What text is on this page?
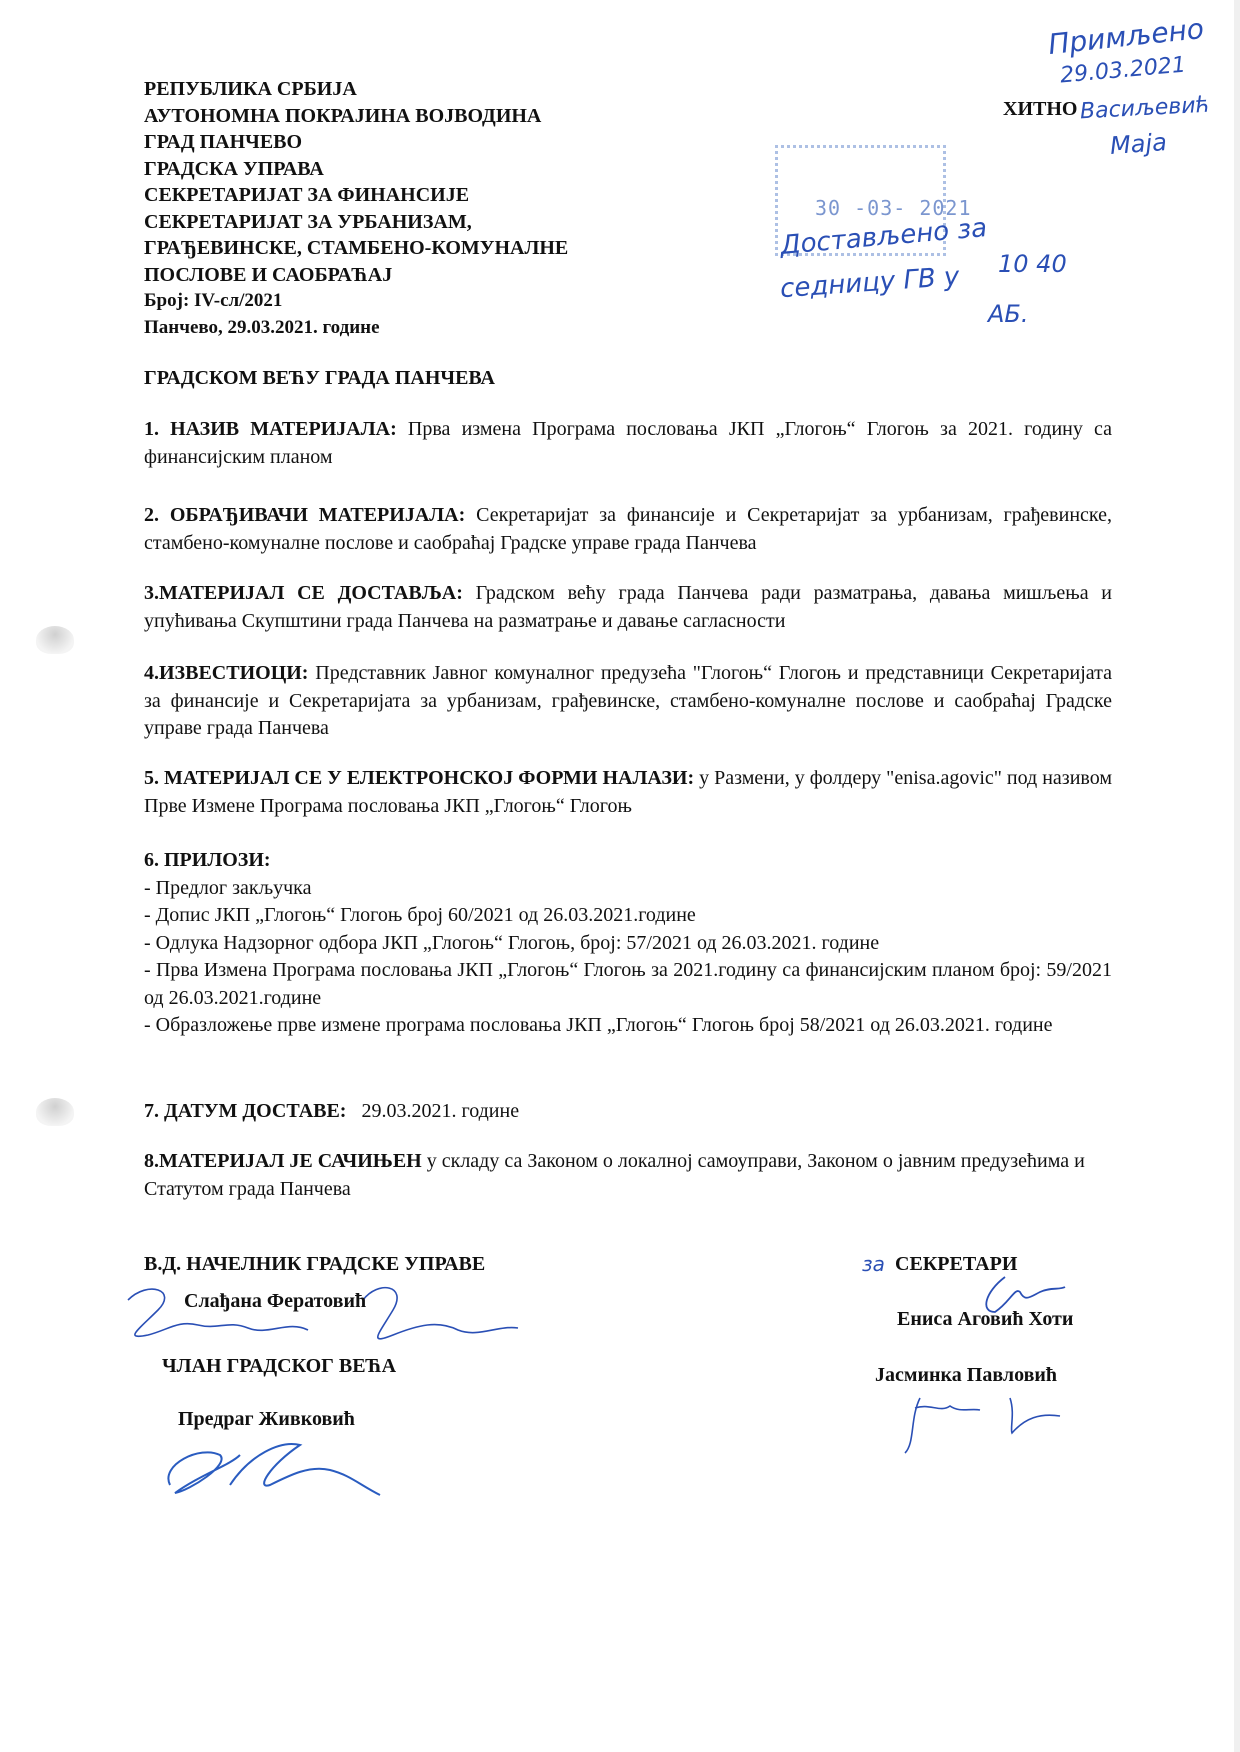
РЕПУБЛИКА СРБИЈА
АУТОНОМНА ПОКРАЈИНА ВОЈВОДИНА
ГРАД ПАНЧЕВО
ГРАДСКА УПРАВА
СЕКРЕТАРИЈАТ ЗА ФИНАНСИЈЕ
СЕКРЕТАРИЈАТ ЗА УРБАНИЗАМ,
ГРАЂЕВИНСКЕ, СТАМБЕНО-КОМУНАЛНЕ
ПОСЛОВЕ И САОБРАЋАЈ
Број: IV-сл/2021
Панчево, 29.03.2021. године
ХИТНО
Примљено
29.03.2021
Васиљевић
Маја
30 -03- 2021
Достављено за
седницу ГВ у 10 40
АБ.
ГРАДСКОМ ВЕЋУ ГРАДА ПАНЧЕВА
1. НАЗИВ МАТЕРИЈАЛА: Прва измена Програма пословања ЈКП „Глогоњ“ Глогоњ за 2021. годину са финансијским планом
2. ОБРАЂИВАЧИ МАТЕРИЈАЛА: Секретаријат за финансије и Секретаријат за урбанизам, грађевинске, стамбено-комуналне послове и саобраћај Градске управе града Панчева
3.МАТЕРИЈАЛ СЕ ДОСТАВЉА: Градском већу града Панчева ради разматрања, давања мишљења и упућивања Скупштини града Панчева на разматрање и давање сагласности
4.ИЗВЕСТИОЦИ: Представник Јавног комуналног предузећа "Глогоњ“ Глогоњ и представници Секретаријата за финансије и Секретаријата за урбанизам, грађевинске, стамбено-комуналне послове и саобраћај Градске управе града Панчева
5. МАТЕРИЈАЛ СЕ У ЕЛЕКТРОНСКОЈ ФОРМИ НАЛАЗИ: у Размени, у фолдеру "enisa.agovic" под називом Прве Измене Програма пословања ЈКП „Глогоњ“ Глогоњ
6. ПРИЛОЗИ:
- Предлог закључка
- Допис ЈКП „Глогоњ“ Глогоњ број 60/2021 од 26.03.2021.године
- Одлука Надзорног одбора ЈКП „Глогоњ“ Глогоњ, број: 57/2021 од 26.03.2021. године
- Прва Измена Програма пословања ЈКП „Глогоњ“ Глогоњ за 2021.годину са финансијским планом број: 59/2021 од 26.03.2021.године
- Образложење прве измене програма пословања ЈКП „Глогоњ“ Глогоњ број 58/2021 од 26.03.2021. године
7. ДАТУМ ДОСТАВЕ:   29.03.2021. године
8.МАТЕРИЈАЛ ЈЕ САЧИЊЕН у складу са Законом о локалној самоуправи, Законом о јавним предузећима и Статутом града Панчева
В.Д. НАЧЕЛНИК ГРАДСКЕ УПРАВЕ
Слађана Фератовић
ЧЛАН ГРАДСКОГ ВЕЋА
Предраг Живковић
за СЕКРЕТАРИ
Ениса Аговић Хоти
Јасминка Павловић
